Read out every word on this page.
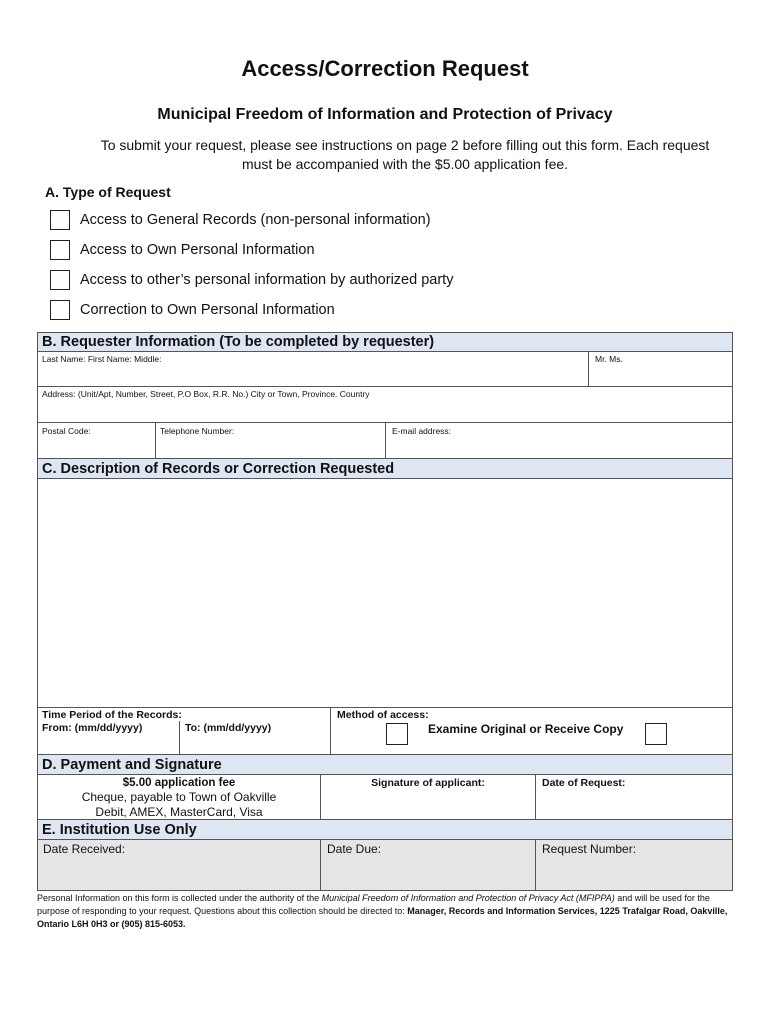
Access/Correction Request
Municipal Freedom of Information and Protection of Privacy
To submit your request, please see instructions on page 2 before filling out this form. Each request must be accompanied with the $5.00 application fee.
A. Type of Request
Access to General Records (non-personal information)
Access to Own Personal Information
Access to other’s personal information by authorized party
Correction to Own Personal Information
B. Requester Information (To be completed by requester)
Last Name: First Name: Middle:	Mr. Ms.
Address: (Unit/Apt, Number, Street, P.O Box, R.R. No.) City or Town, Province. Country
Postal Code:	Telephone Number:	E-mail address:
C. Description of Records or Correction Requested
Time Period of the Records:
From: (mm/dd/yyyy)	To: (mm/dd/yyyy)
Method of access:
Examine Original or Receive Copy
D. Payment and Signature
$5.00 application fee
Cheque, payable to Town of Oakville
Debit, AMEX, MasterCard, Visa
Signature of applicant:	Date of Request:
E. Institution Use Only
Date Received:	Date Due:	Request Number:
Personal Information on this form is collected under the authority of the Municipal Freedom of Information and Protection of Privacy Act (MFIPPA) and will be used for the purpose of responding to your request. Questions about this collection should be directed to: Manager, Records and Information Services, 1225 Trafalgar Road, Oakville, Ontario L6H 0H3 or (905) 815-6053.
